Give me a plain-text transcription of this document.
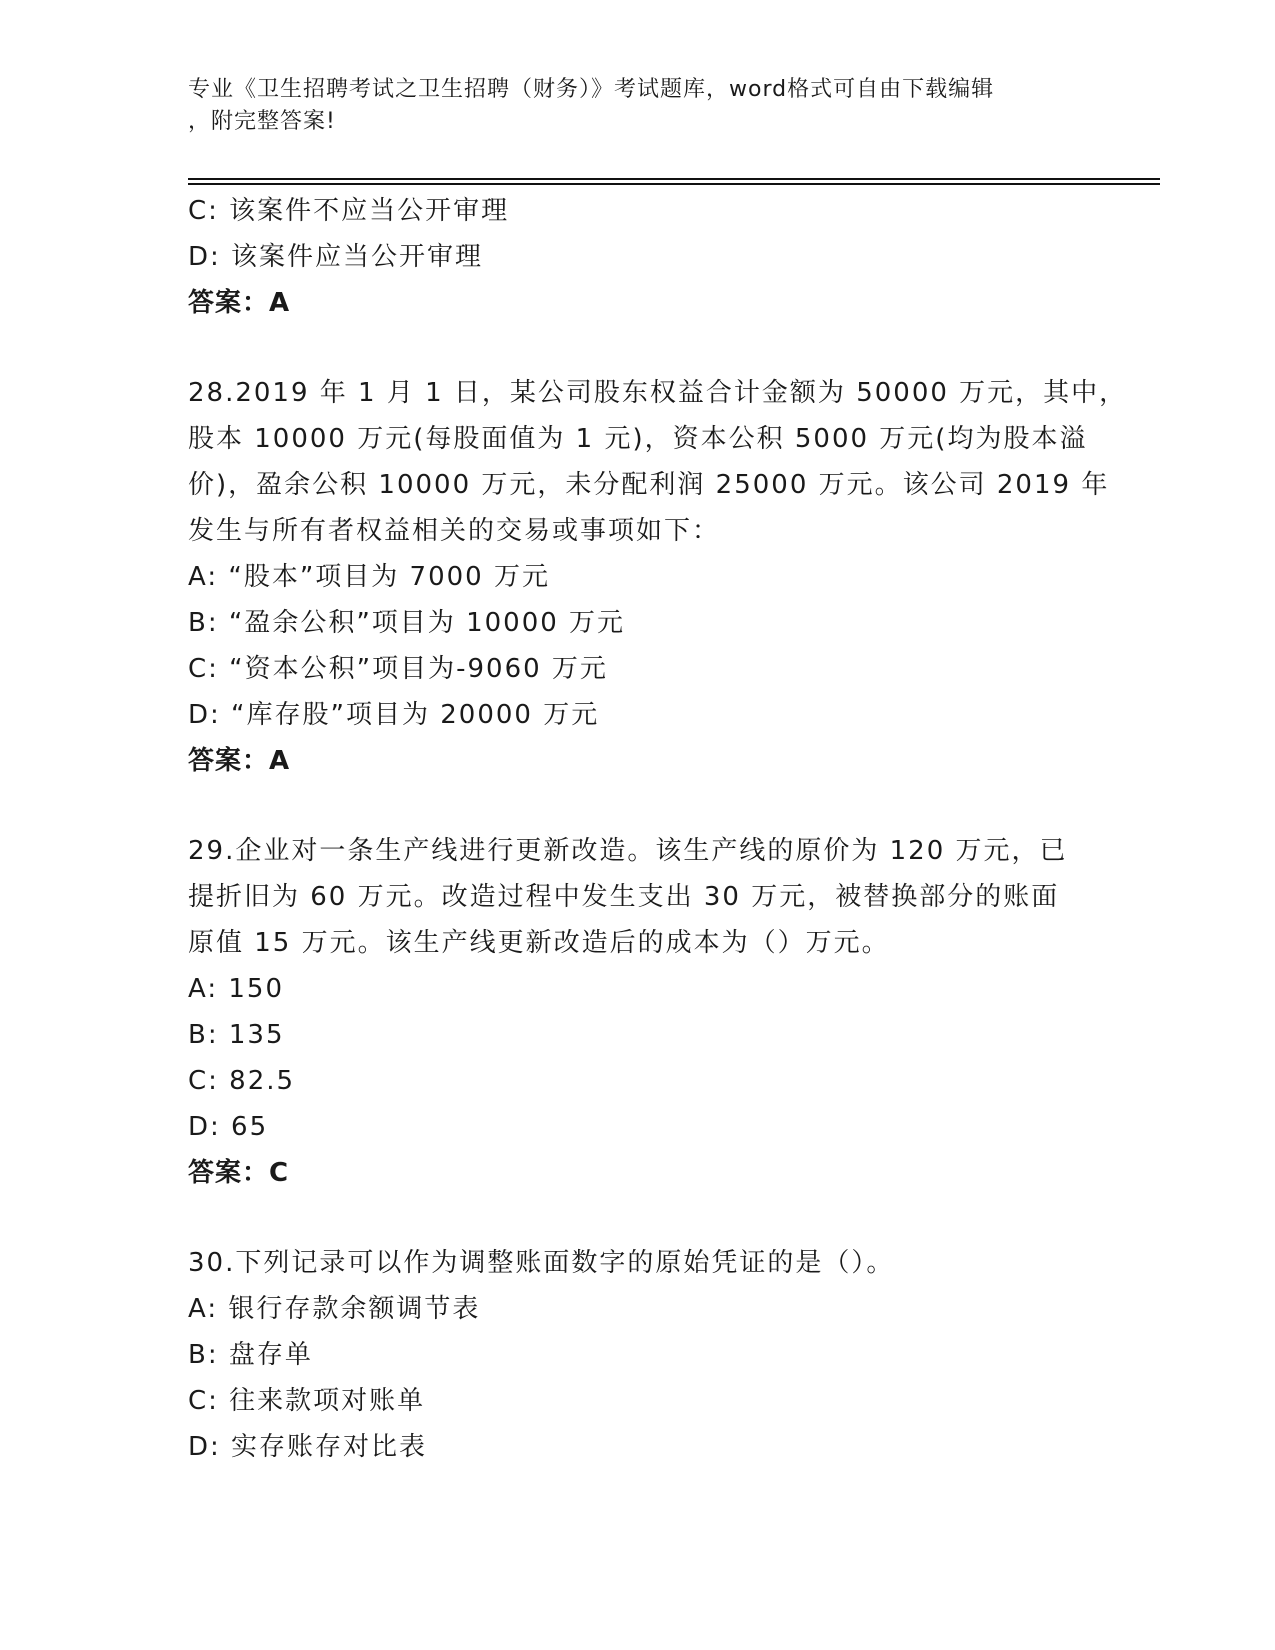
专业《卫生招聘考试之卫生招聘（财务）》考试题库，word格式可自由下载编辑
，附完整答案!
C: 该案件不应当公开审理
D: 该案件应当公开审理
答案：A
28.2019 年 1 月 1 日，某公司股东权益合计金额为 50000 万元，其中，
股本 10000 万元(每股面值为 1 元)，资本公积 5000 万元(均为股本溢
价)，盈余公积 10000 万元，未分配利润 25000 万元。该公司 2019 年
发生与所有者权益相关的交易或事项如下：
A: “股本”项目为 7000 万元
B: “盈余公积”项目为 10000 万元
C: “资本公积”项目为-9060 万元
D: “库存股”项目为 20000 万元
答案：A
29.企业对一条生产线进行更新改造。该生产线的原价为 120 万元，已
提折旧为 60 万元。改造过程中发生支出 30 万元，被替换部分的账面
原值 15 万元。该生产线更新改造后的成本为（）万元。
A: 150
B: 135
C: 82.5
D: 65
答案：C
30.下列记录可以作为调整账面数字的原始凭证的是（）。
A: 银行存款余额调节表
B: 盘存单
C: 往来款项对账单
D: 实存账存对比表
